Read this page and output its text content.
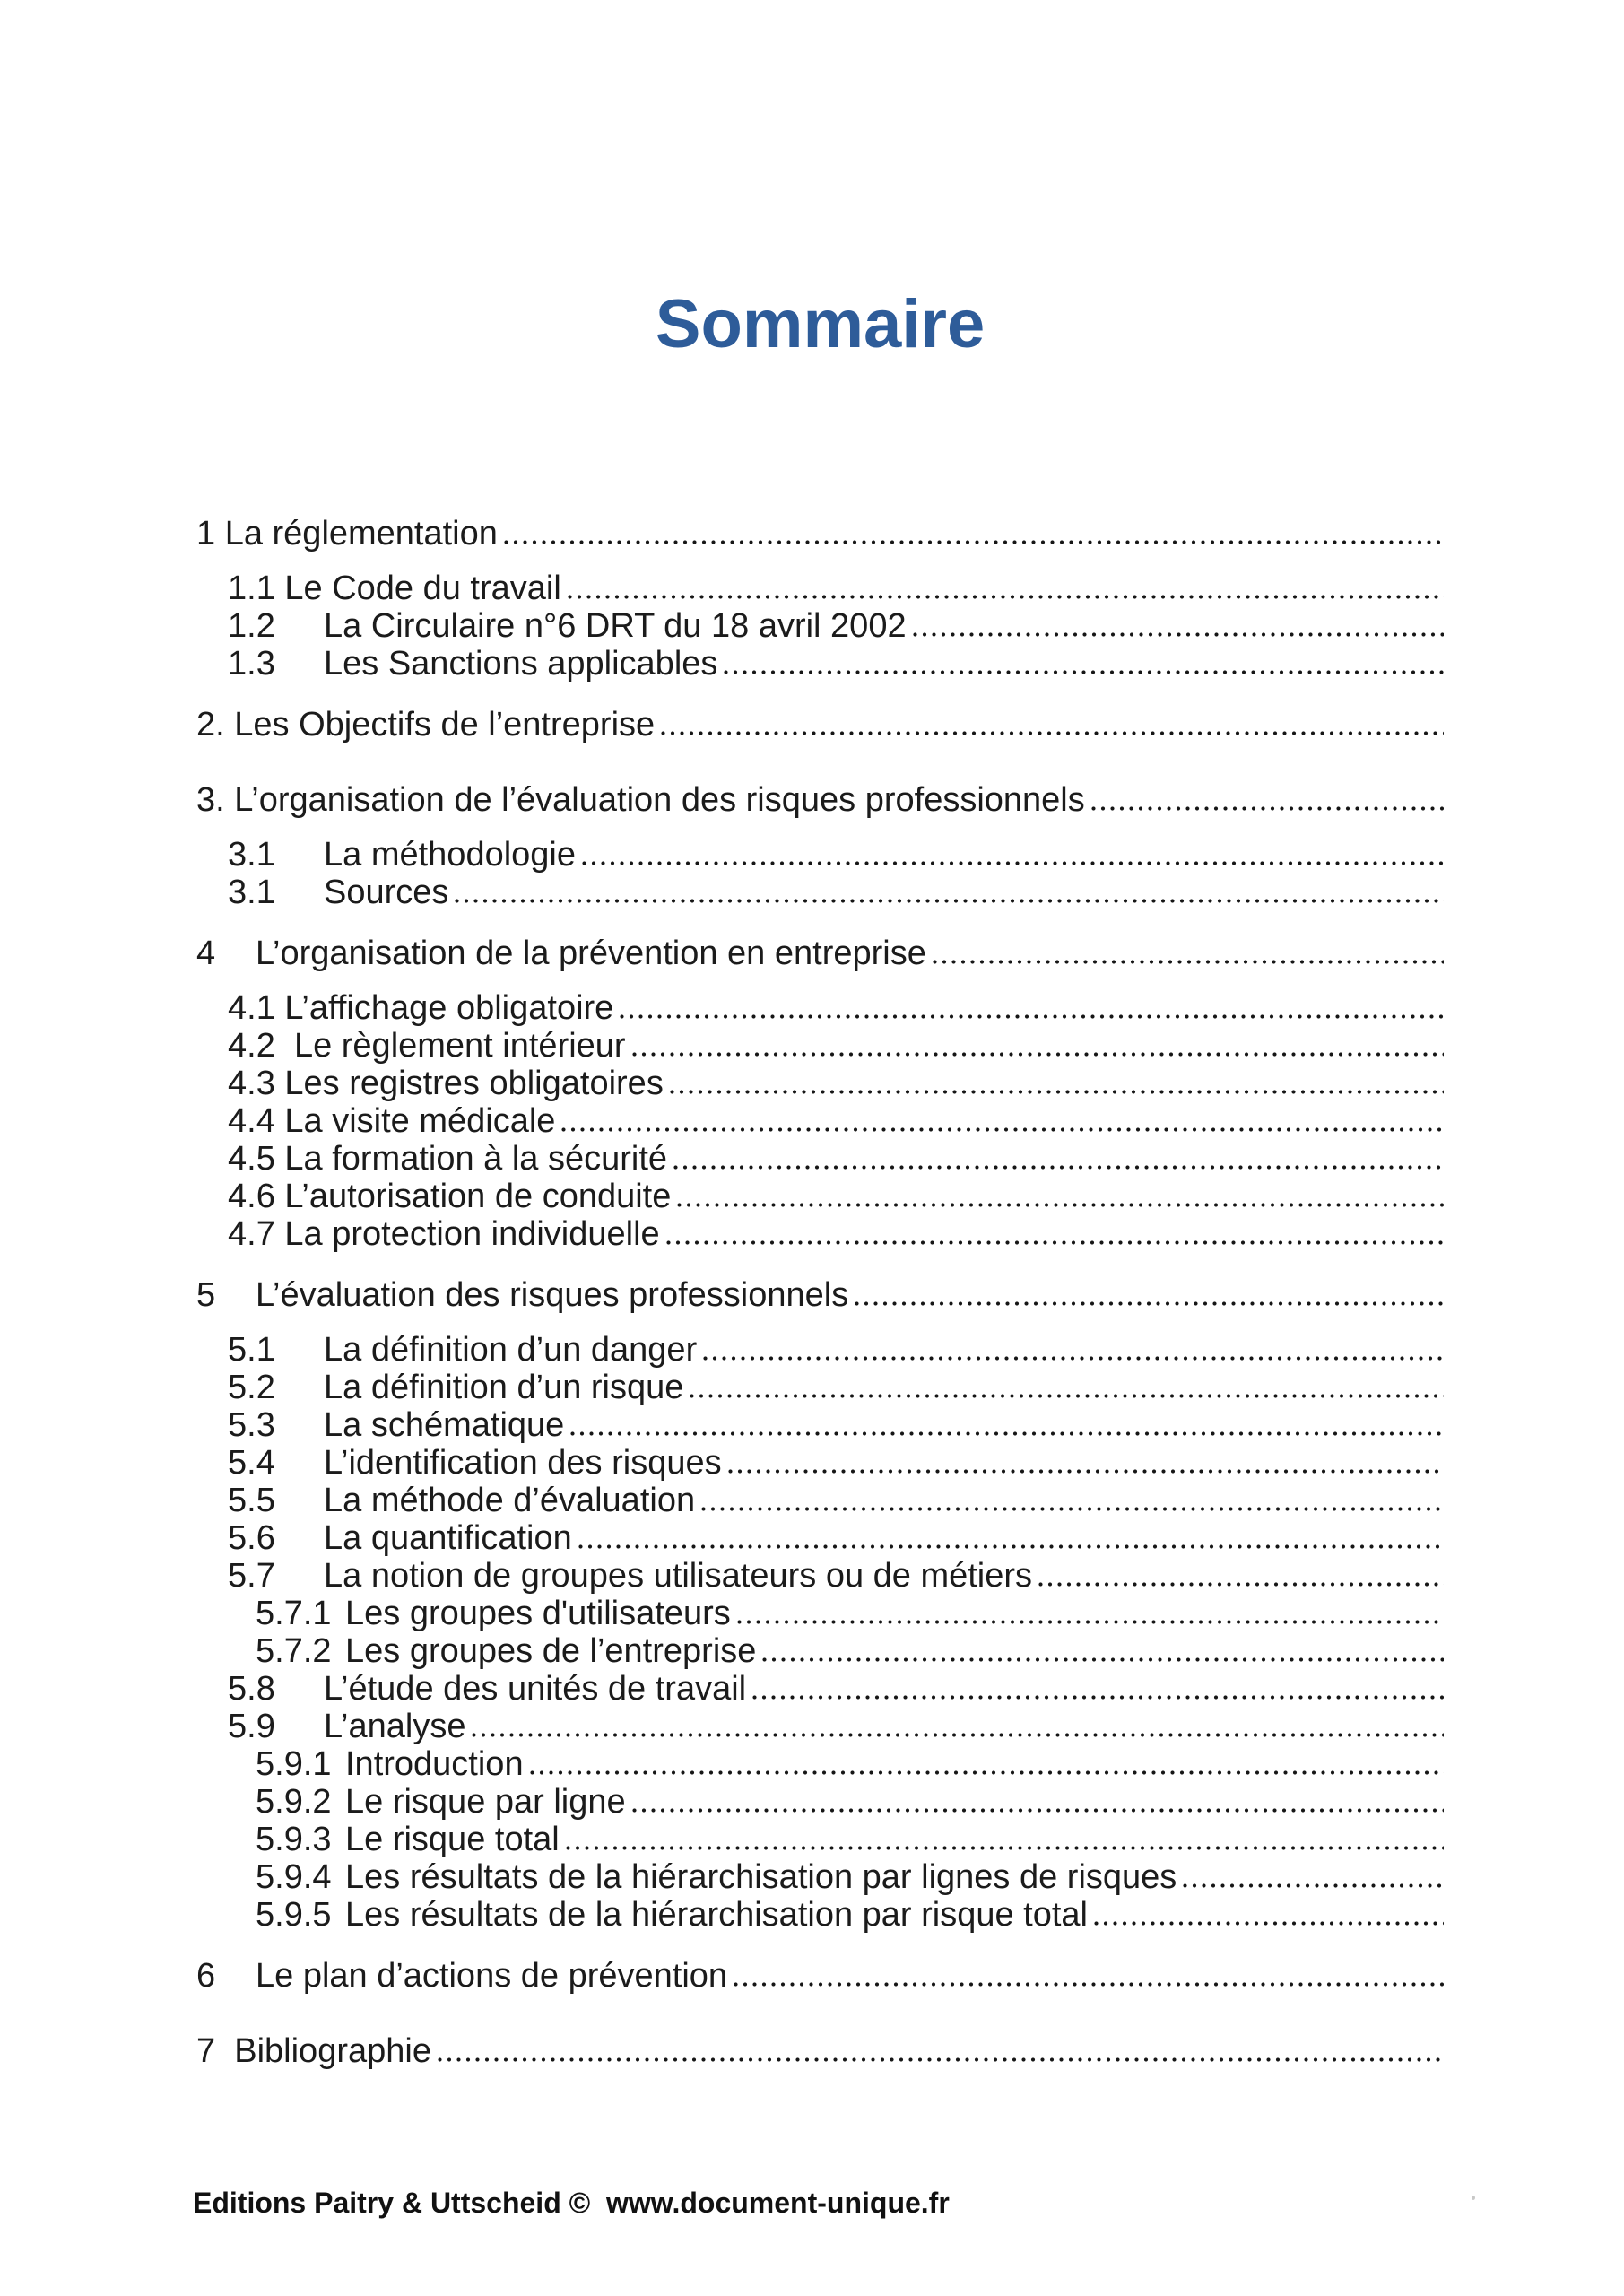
Sommaire
1 La réglementation
1.1 Le Code du travail
1.2	La Circulaire n°6 DRT du 18 avril 2002
1.3	Les Sanctions applicables
2. Les Objectifs de l’entreprise
3. L’organisation de l’évaluation des risques professionnels
3.1	La méthodologie
3.1	Sources
4	L’organisation de la prévention en entreprise
4.1 L’affichage obligatoire
4.2  Le règlement intérieur
4.3 Les registres obligatoires
4.4 La visite médicale
4.5 La formation à la sécurité
4.6 L’autorisation de conduite
4.7 La protection individuelle
5	L’évaluation des risques professionnels
5.1	La définition d’un danger
5.2	La définition d’un risque
5.3	La schématique
5.4	L’identification des risques
5.5	La méthode d’évaluation
5.6	La quantification
5.7	La notion de groupes utilisateurs ou de métiers
5.7.1 Les groupes d'utilisateurs
5.7.2 Les groupes de l’entreprise
5.8	L’étude des unités de travail
5.9	L’analyse
5.9.1 Introduction
5.9.2 Le risque par ligne
5.9.3 Le risque total
5.9.4 Les résultats de la hiérarchisation par lignes de risques
5.9.5 Les résultats de la hiérarchisation par risque total
6	Le plan d’actions de prévention
7  Bibliographie
Editions Paitry & Uttscheid ©  www.document-unique.fr
